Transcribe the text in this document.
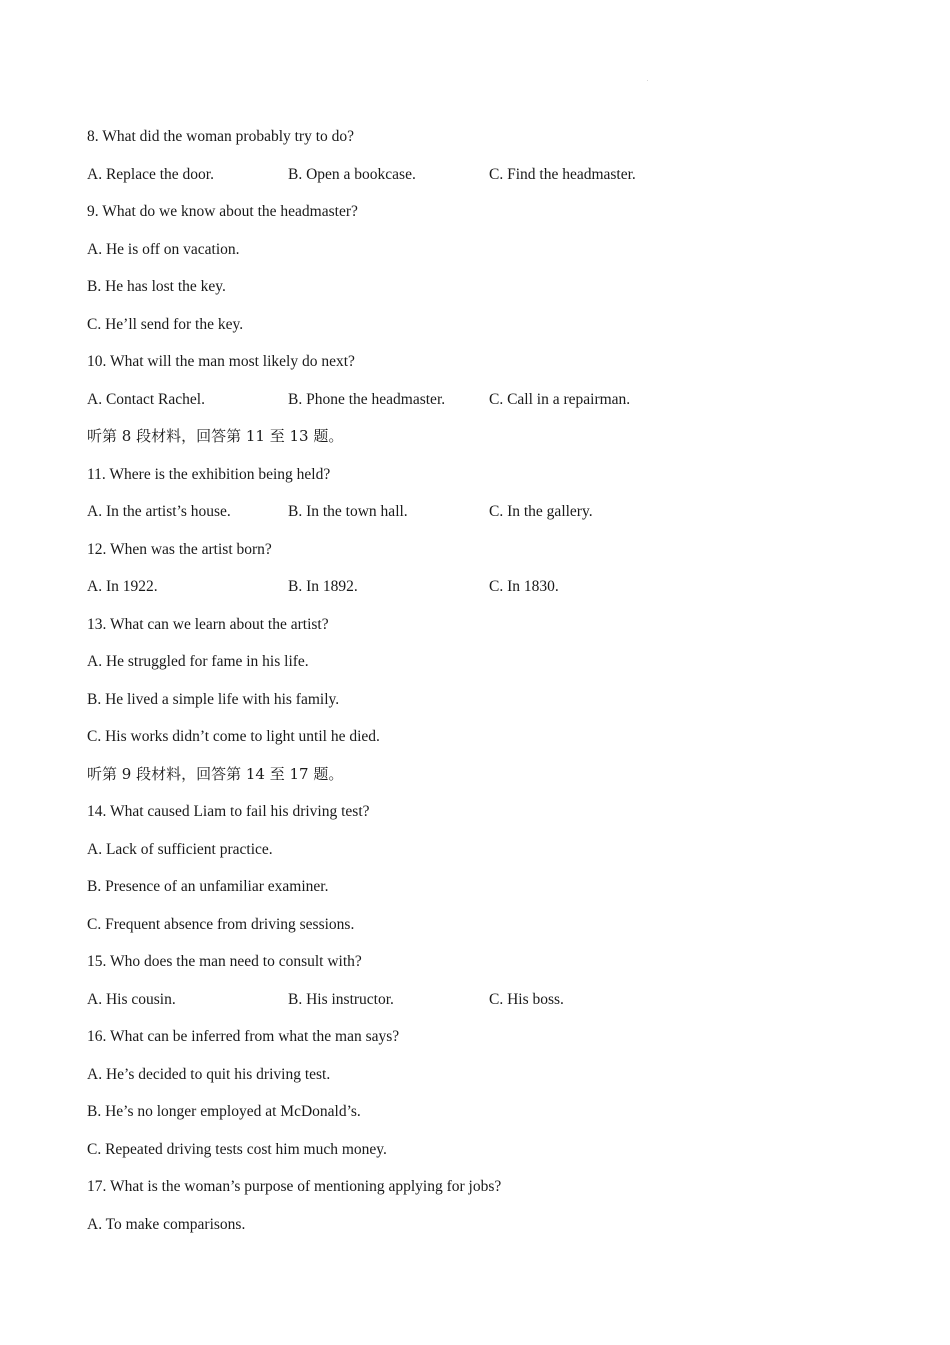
8. What did the woman probably try to do?
A. Replace the door.	B. Open a bookcase.	C. Find the headmaster.
9. What do we know about the headmaster?
A. He is off on vacation.
B. He has lost the key.
C. He’ll send for the key.
10. What will the man most likely do next?
A. Contact Rachel.	B. Phone the headmaster.	C. Call in a repairman.
听第 8 段材料，回答第 11 至 13 题。
11. Where is the exhibition being held?
A. In the artist’s house.	B. In the town hall.	C. In the gallery.
12. When was the artist born?
A. In 1922.	B. In 1892.	C. In 1830.
13. What can we learn about the artist?
A. He struggled for fame in his life.
B. He lived a simple life with his family.
C. His works didn’t come to light until he died.
听第 9 段材料，回答第 14 至 17 题。
14. What caused Liam to fail his driving test?
A. Lack of sufficient practice.
B. Presence of an unfamiliar examiner.
C. Frequent absence from driving sessions.
15. Who does the man need to consult with?
A. His cousin.	B. His instructor.	C. His boss.
16. What can be inferred from what the man says?
A. He’s decided to quit his driving test.
B. He’s no longer employed at McDonald’s.
C. Repeated driving tests cost him much money.
17. What is the woman’s purpose of mentioning applying for jobs?
A. To make comparisons.
